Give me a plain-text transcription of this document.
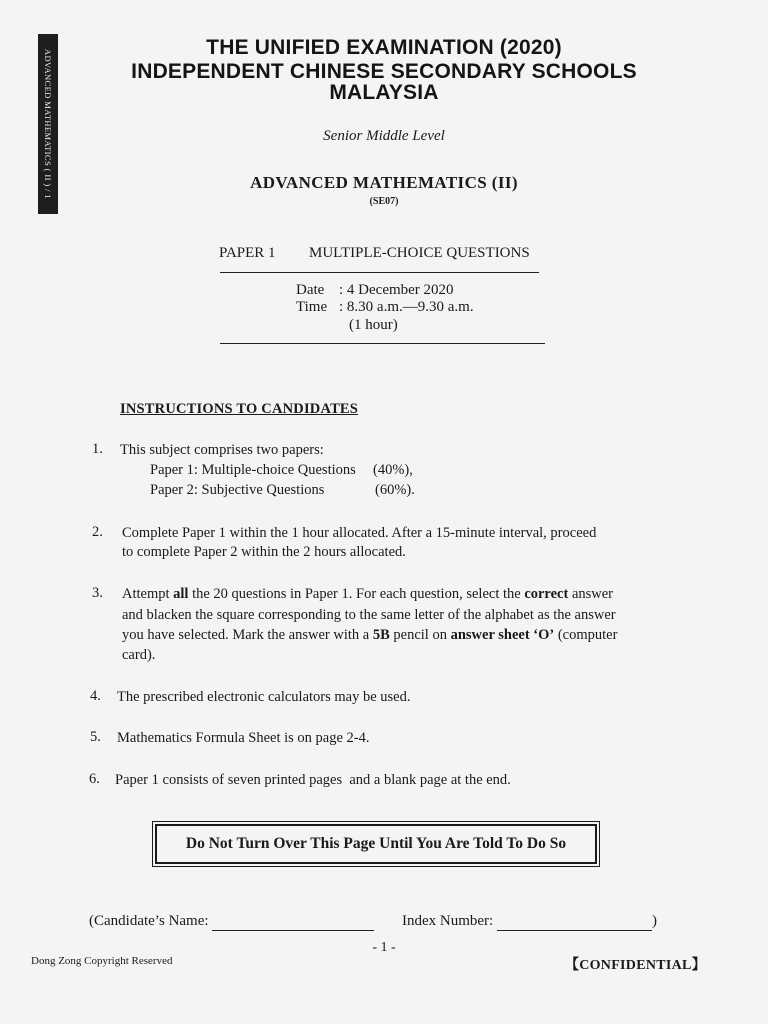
ADVANCED MATHEMATICS ( II ) / 1
THE UNIFIED EXAMINATION (2020)
INDEPENDENT CHINESE SECONDARY SCHOOLS
MALAYSIA
Senior Middle Level
ADVANCED MATHEMATICS (II)
(SE07)
PAPER 1 MULTIPLE-CHOICE QUESTIONS
Date : 4 December 2020
Time : 8.30 a.m.—9.30 a.m.
(1 hour)
INSTRUCTIONS TO CANDIDATES
1. This subject comprises two papers:
Paper 1: Multiple-choice Questions (40%),
Paper 2: Subjective Questions	(60%).
2. Complete Paper 1 within the 1 hour allocated. After a 15-minute interval, proceed
to complete Paper 2 within the 2 hours allocated.
3. Attempt all the 20 questions in Paper 1. For each question, select the correct answer
and blacken the square corresponding to the same letter of the alphabet as the answer
you have selected. Mark the answer with a 5B pencil on answer sheet ‘O’ (computer
card).
4. The prescribed electronic calculators may be used.
5. Mathematics Formula Sheet is on page 2-4.
6. Paper 1 consists of seven printed pages  and a blank page at the end.
Do Not Turn Over This Page Until You Are Told To Do So
(Candidate’s Name:	Index Number:	)
- 1 -
Dong Zong Copyright Reserved	【CONFIDENTIAL】
